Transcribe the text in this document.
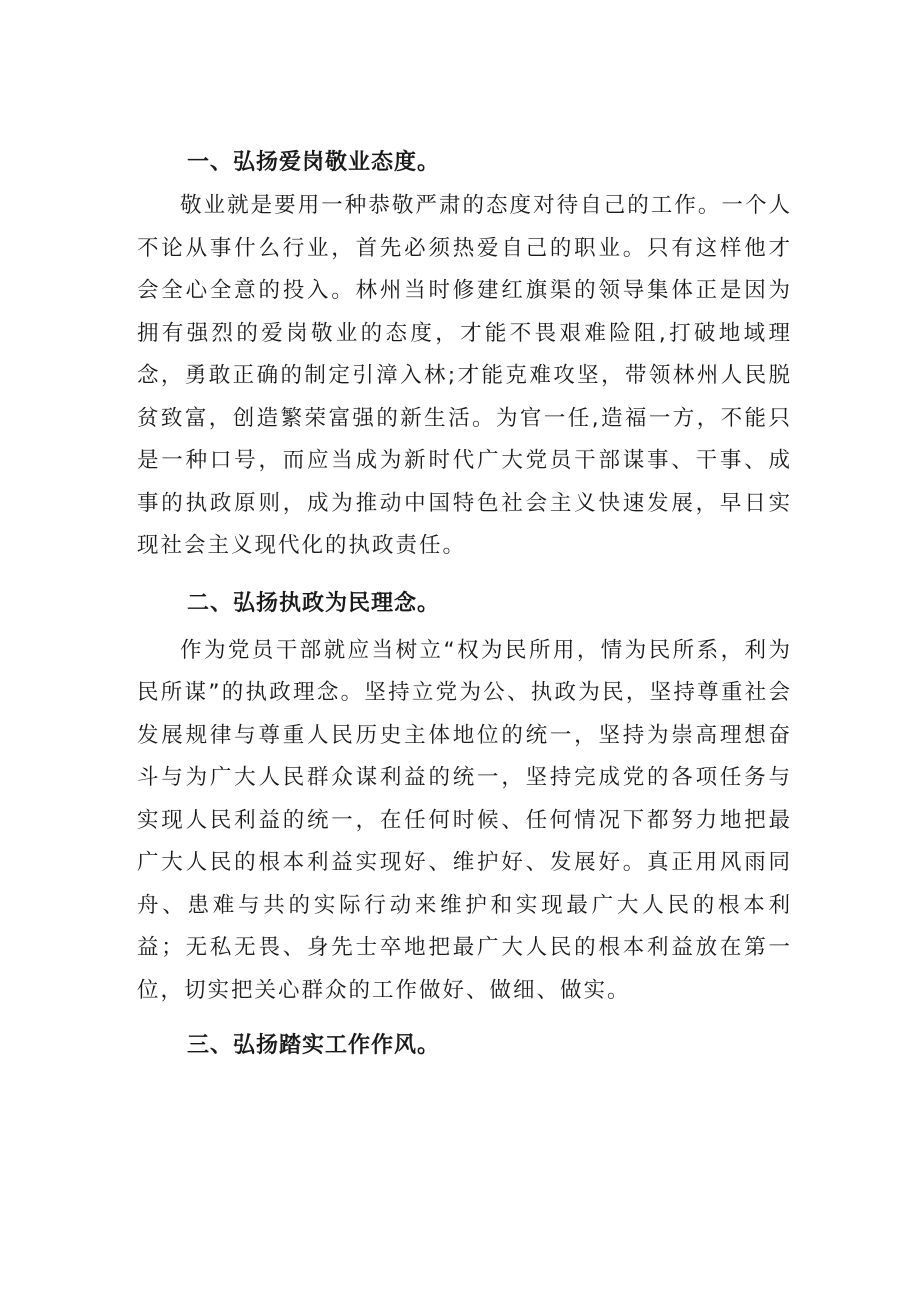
一、弘扬爱岗敬业态度。

敬业就是要用一种恭敬严肃的态度对待自己的工作。一个人不论从事什么行业，首先必须热爱自己的职业。只有这样他才会全心全意的投入。林州当时修建红旗渠的领导集体正是因为拥有强烈的爱岗敬业的态度，才能不畏艰难险阻,打破地域理念，勇敢正确的制定引漳入林;才能克难攻坚，带领林州人民脱贫致富，创造繁荣富强的新生活。为官一任,造福一方，不能只是一种口号，而应当成为新时代广大党员干部谋事、干事、成事的执政原则，成为推动中国特色社会主义快速发展，早日实现社会主义现代化的执政责任。

二、弘扬执政为民理念。

作为党员干部就应当树立“权为民所用，情为民所系，利为民所谋”的执政理念。坚持立党为公、执政为民，坚持尊重社会发展规律与尊重人民历史主体地位的统一，坚持为崇高理想奋斗与为广大人民群众谋利益的统一，坚持完成党的各项任务与实现人民利益的统一，在任何时候、任何情况下都努力地把最广大人民的根本利益实现好、维护好、发展好。真正用风雨同舟、患难与共的实际行动来维护和实现最广大人民的根本利益；无私无畏、身先士卒地把最广大人民的根本利益放在第一位，切实把关心群众的工作做好、做细、做实。

三、弘扬踏实工作作风。
